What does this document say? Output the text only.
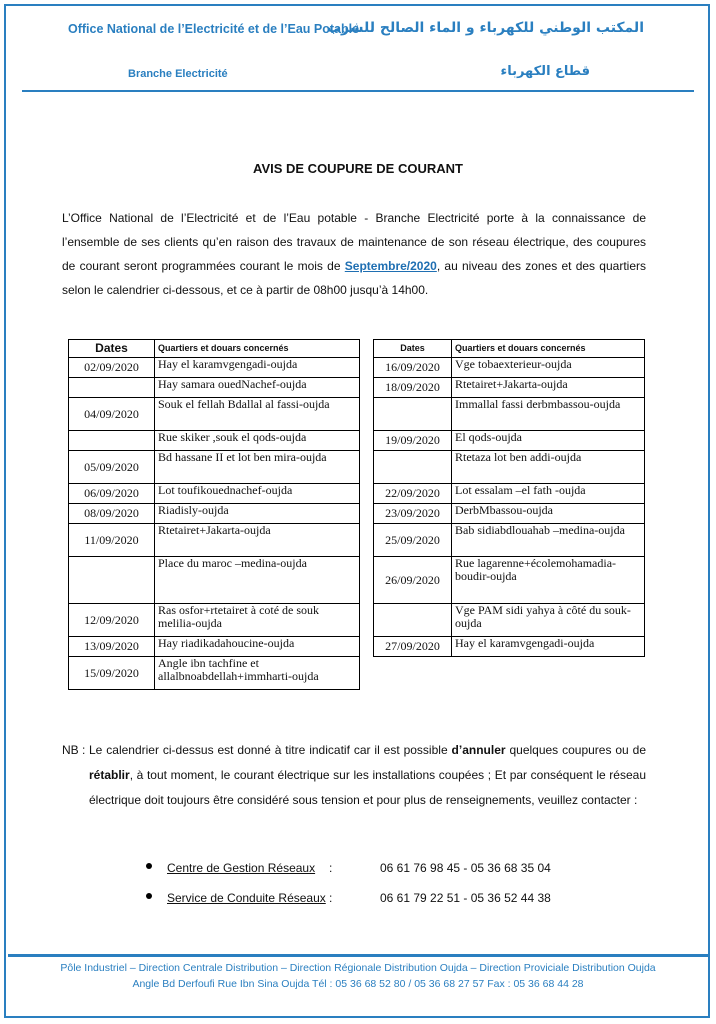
Office National de l’Electricité et de l’Eau Potable
Branche Electricité
المكتب الوطني للكهرباء و الماء الصالح للشرب
قطاع الكهرباء
AVIS DE COUPURE DE COURANT
L’Office National de l’Electricité et de l’Eau potable - Branche Electricité porte à la connaissance de l’ensemble de ses clients qu’en raison des travaux de maintenance de son réseau électrique, des coupures de courant seront programmées courant le mois de Septembre/2020, au niveau des zones et des quartiers selon le calendrier ci-dessous, et ce à partir de 08h00 jusqu’à 14h00.
Dates	Quartiers et douars concernés
02/09/2020	Hay el karamvgengadi-oujda
	Hay samara ouedNachef-oujda
04/09/2020	Souk el fellah Bdallal al fassi-oujda
	Rue skiker ,souk el qods-oujda
05/09/2020	Bd hassane II et lot ben mira-oujda
06/09/2020	Lot toufikouednachef-oujda
08/09/2020	Riadisly-oujda
11/09/2020	Rtetairet+Jakarta-oujda
	Place du maroc –medina-oujda
12/09/2020	Ras osfor+rtetairet à coté de souk melilia-oujda
13/09/2020	Hay riadikadahoucine-oujda
15/09/2020	Angle ibn tachfine et allalbnoabdellah+immharti-oujda
Dates	Quartiers et douars concernés
16/09/2020	Vge tobaexterieur-oujda
18/09/2020	Rtetairet+Jakarta-oujda
	Immallal fassi derbmbassou-oujda
19/09/2020	El qods-oujda
	Rtetaza lot ben addi-oujda
22/09/2020	Lot essalam –el fath -oujda
23/09/2020	DerbMbassou-oujda
25/09/2020	Bab sidiabdlouahab –medina-oujda
26/09/2020	Rue lagarenne+écolemohamadia-boudir-oujda
	Vge PAM sidi yahya à côté du souk-oujda
27/09/2020	Hay el karamvgengadi-oujda
NB : Le calendrier ci-dessus est donné à titre indicatif car il est possible d’annuler quelques coupures ou de rétablir, à tout moment, le courant électrique sur les installations coupées ; Et par conséquent le réseau électrique doit toujours être considéré sous tension et pour plus de renseignements, veuillez contacter :
Centre de Gestion Réseaux :	06 61 76 98 45 - 05 36 68 35 04
Service de Conduite Réseaux :	06 61 79 22 51 - 05 36 52 44 38
Pôle Industriel – Direction Centrale Distribution – Direction Régionale Distribution Oujda – Direction Proviciale Distribution Oujda
Angle Bd Derfoufi Rue Ibn Sina Oujda Tél : 05 36 68 52 80 / 05 36 68 27 57 Fax : 05 36 68 44 28
